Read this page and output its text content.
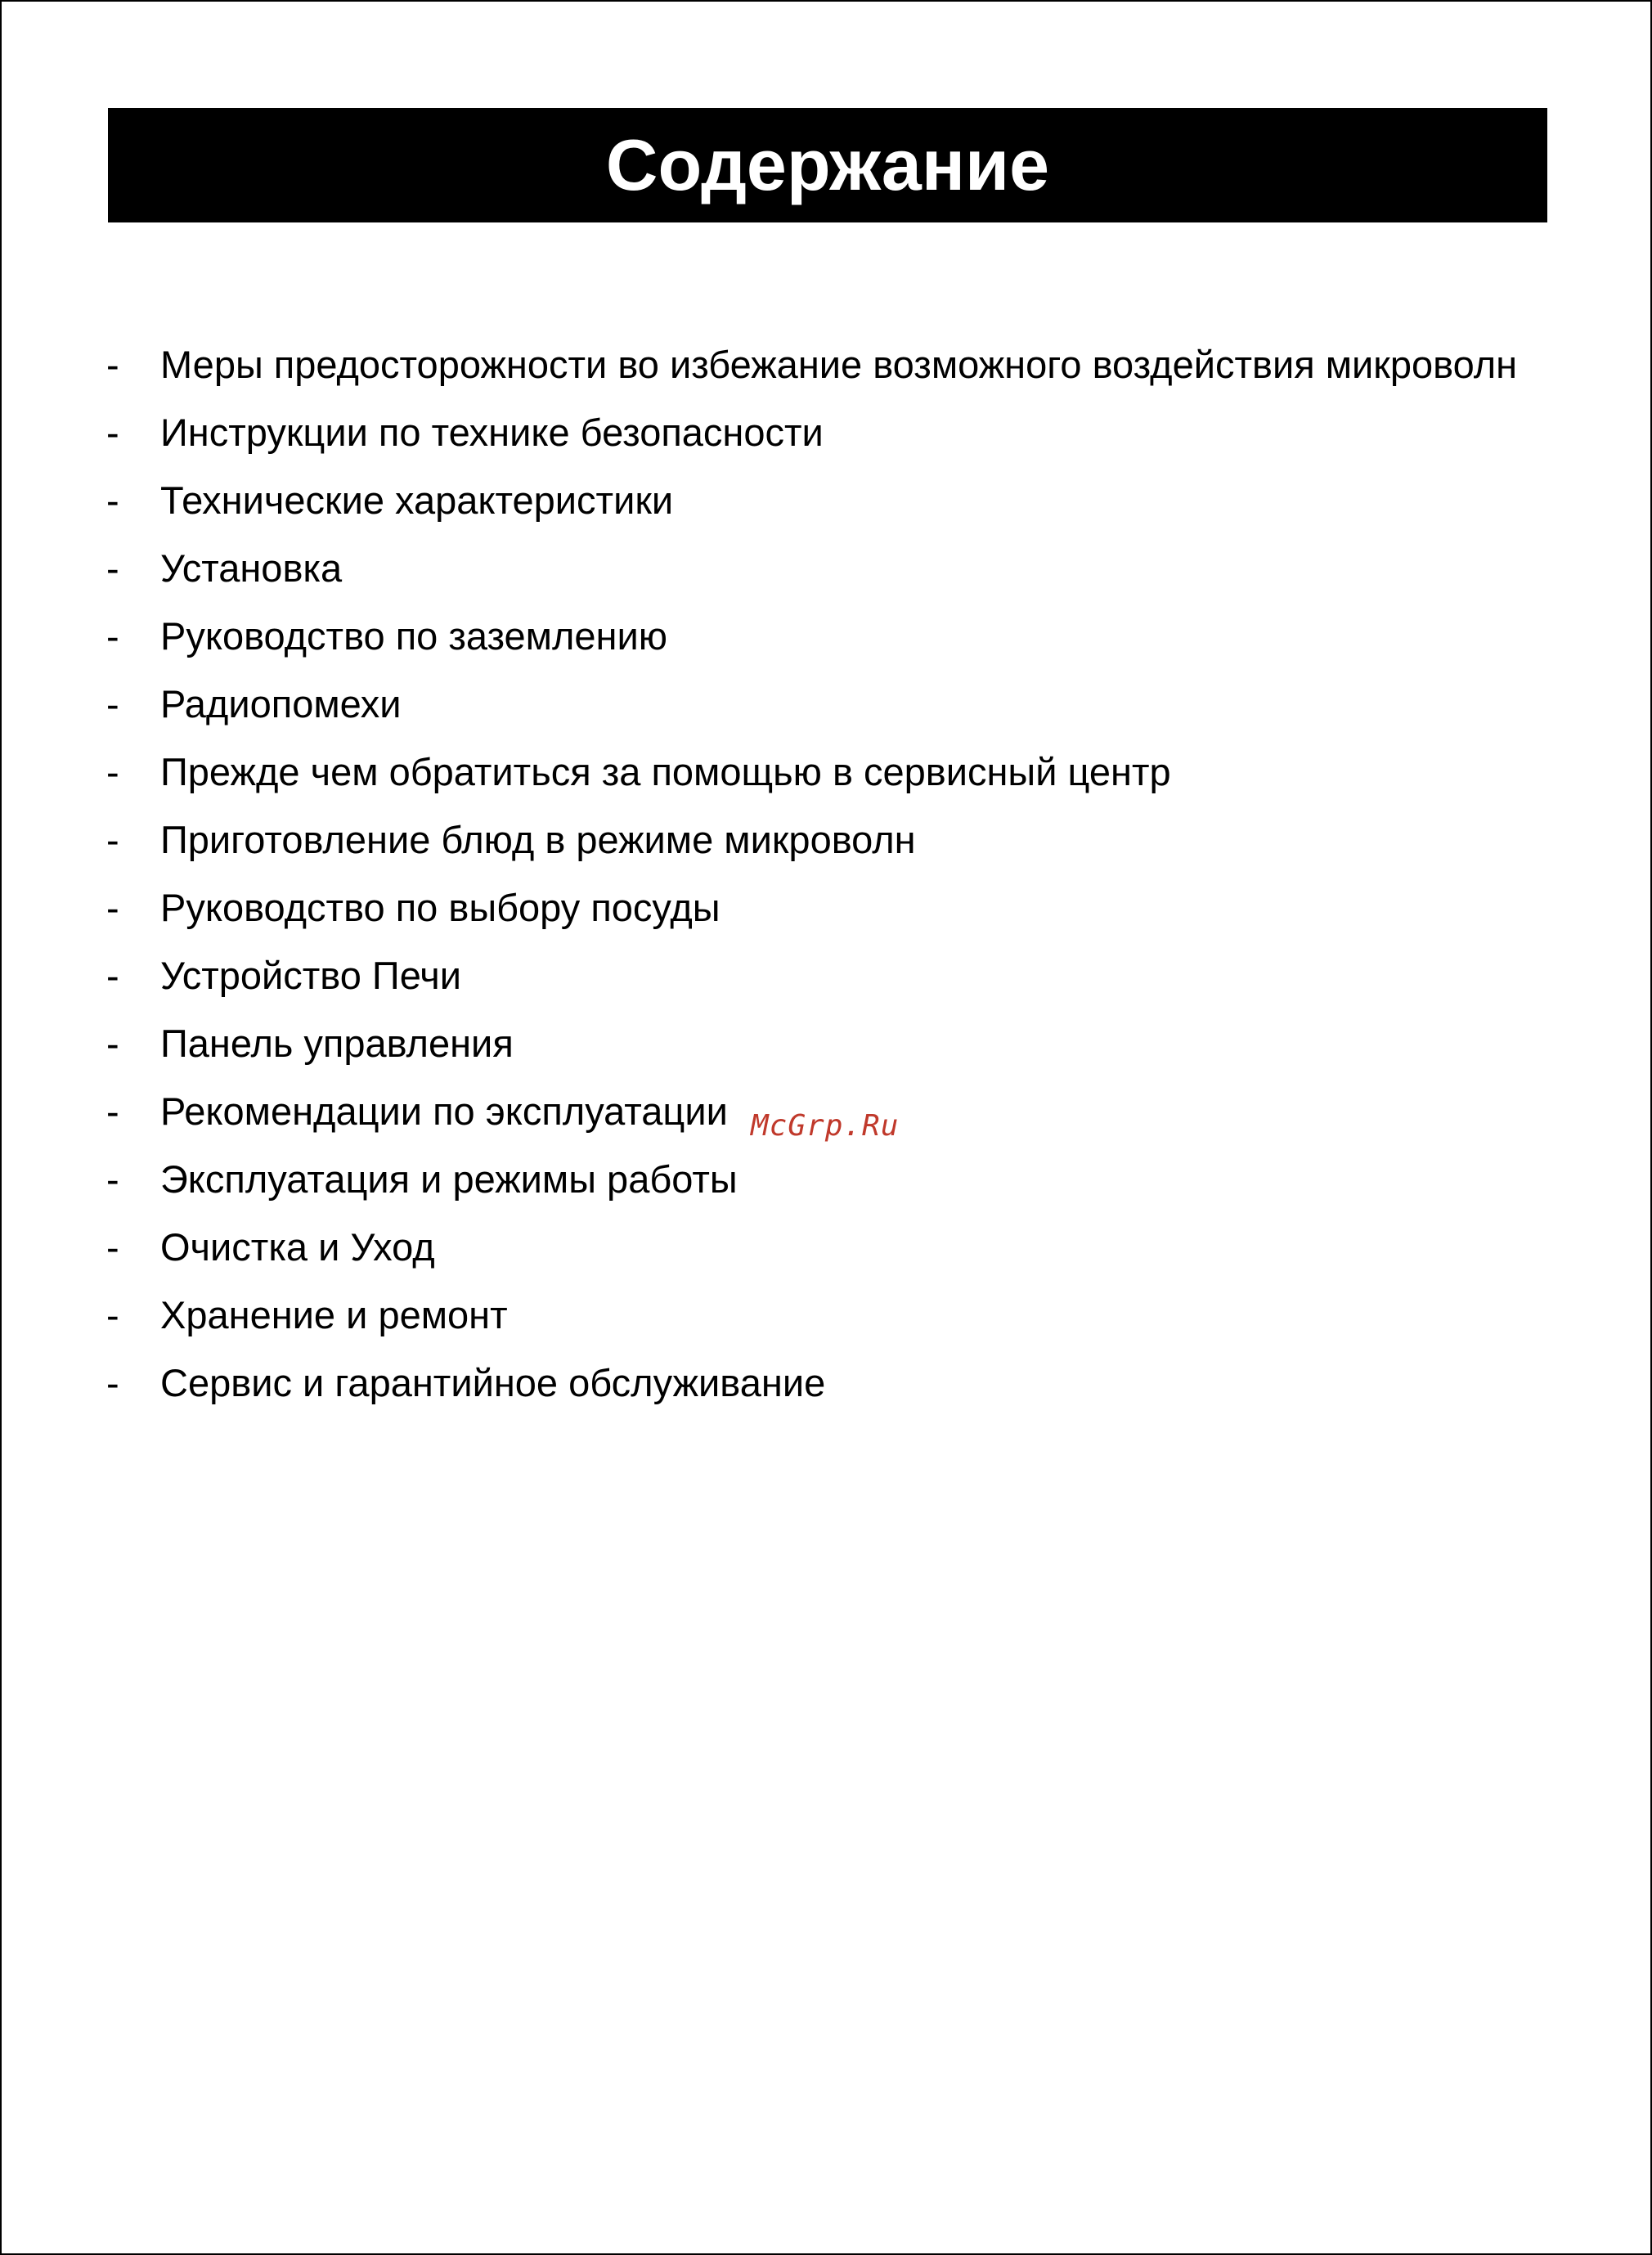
Содержание
-	Меры предосторожности во избежание возможного воздействия микроволн
-	Инструкции по технике безопасности
-	Технические характеристики
-	Установка
-	Руководство по заземлению
-	Радиопомехи
-	Прежде чем обратиться за помощью в сервисный центр
-	Приготовление блюд в режиме микроволн
-	Руководство по выбору посуды
-	Устройство Печи
-	Панель управления
-	Рекомендации по эксплуатации
-	Эксплуатация и режимы работы
-	Очистка и Уход
-	Хранение и ремонт
-	Сервис и гарантийное обслуживание
McGrp.Ru
